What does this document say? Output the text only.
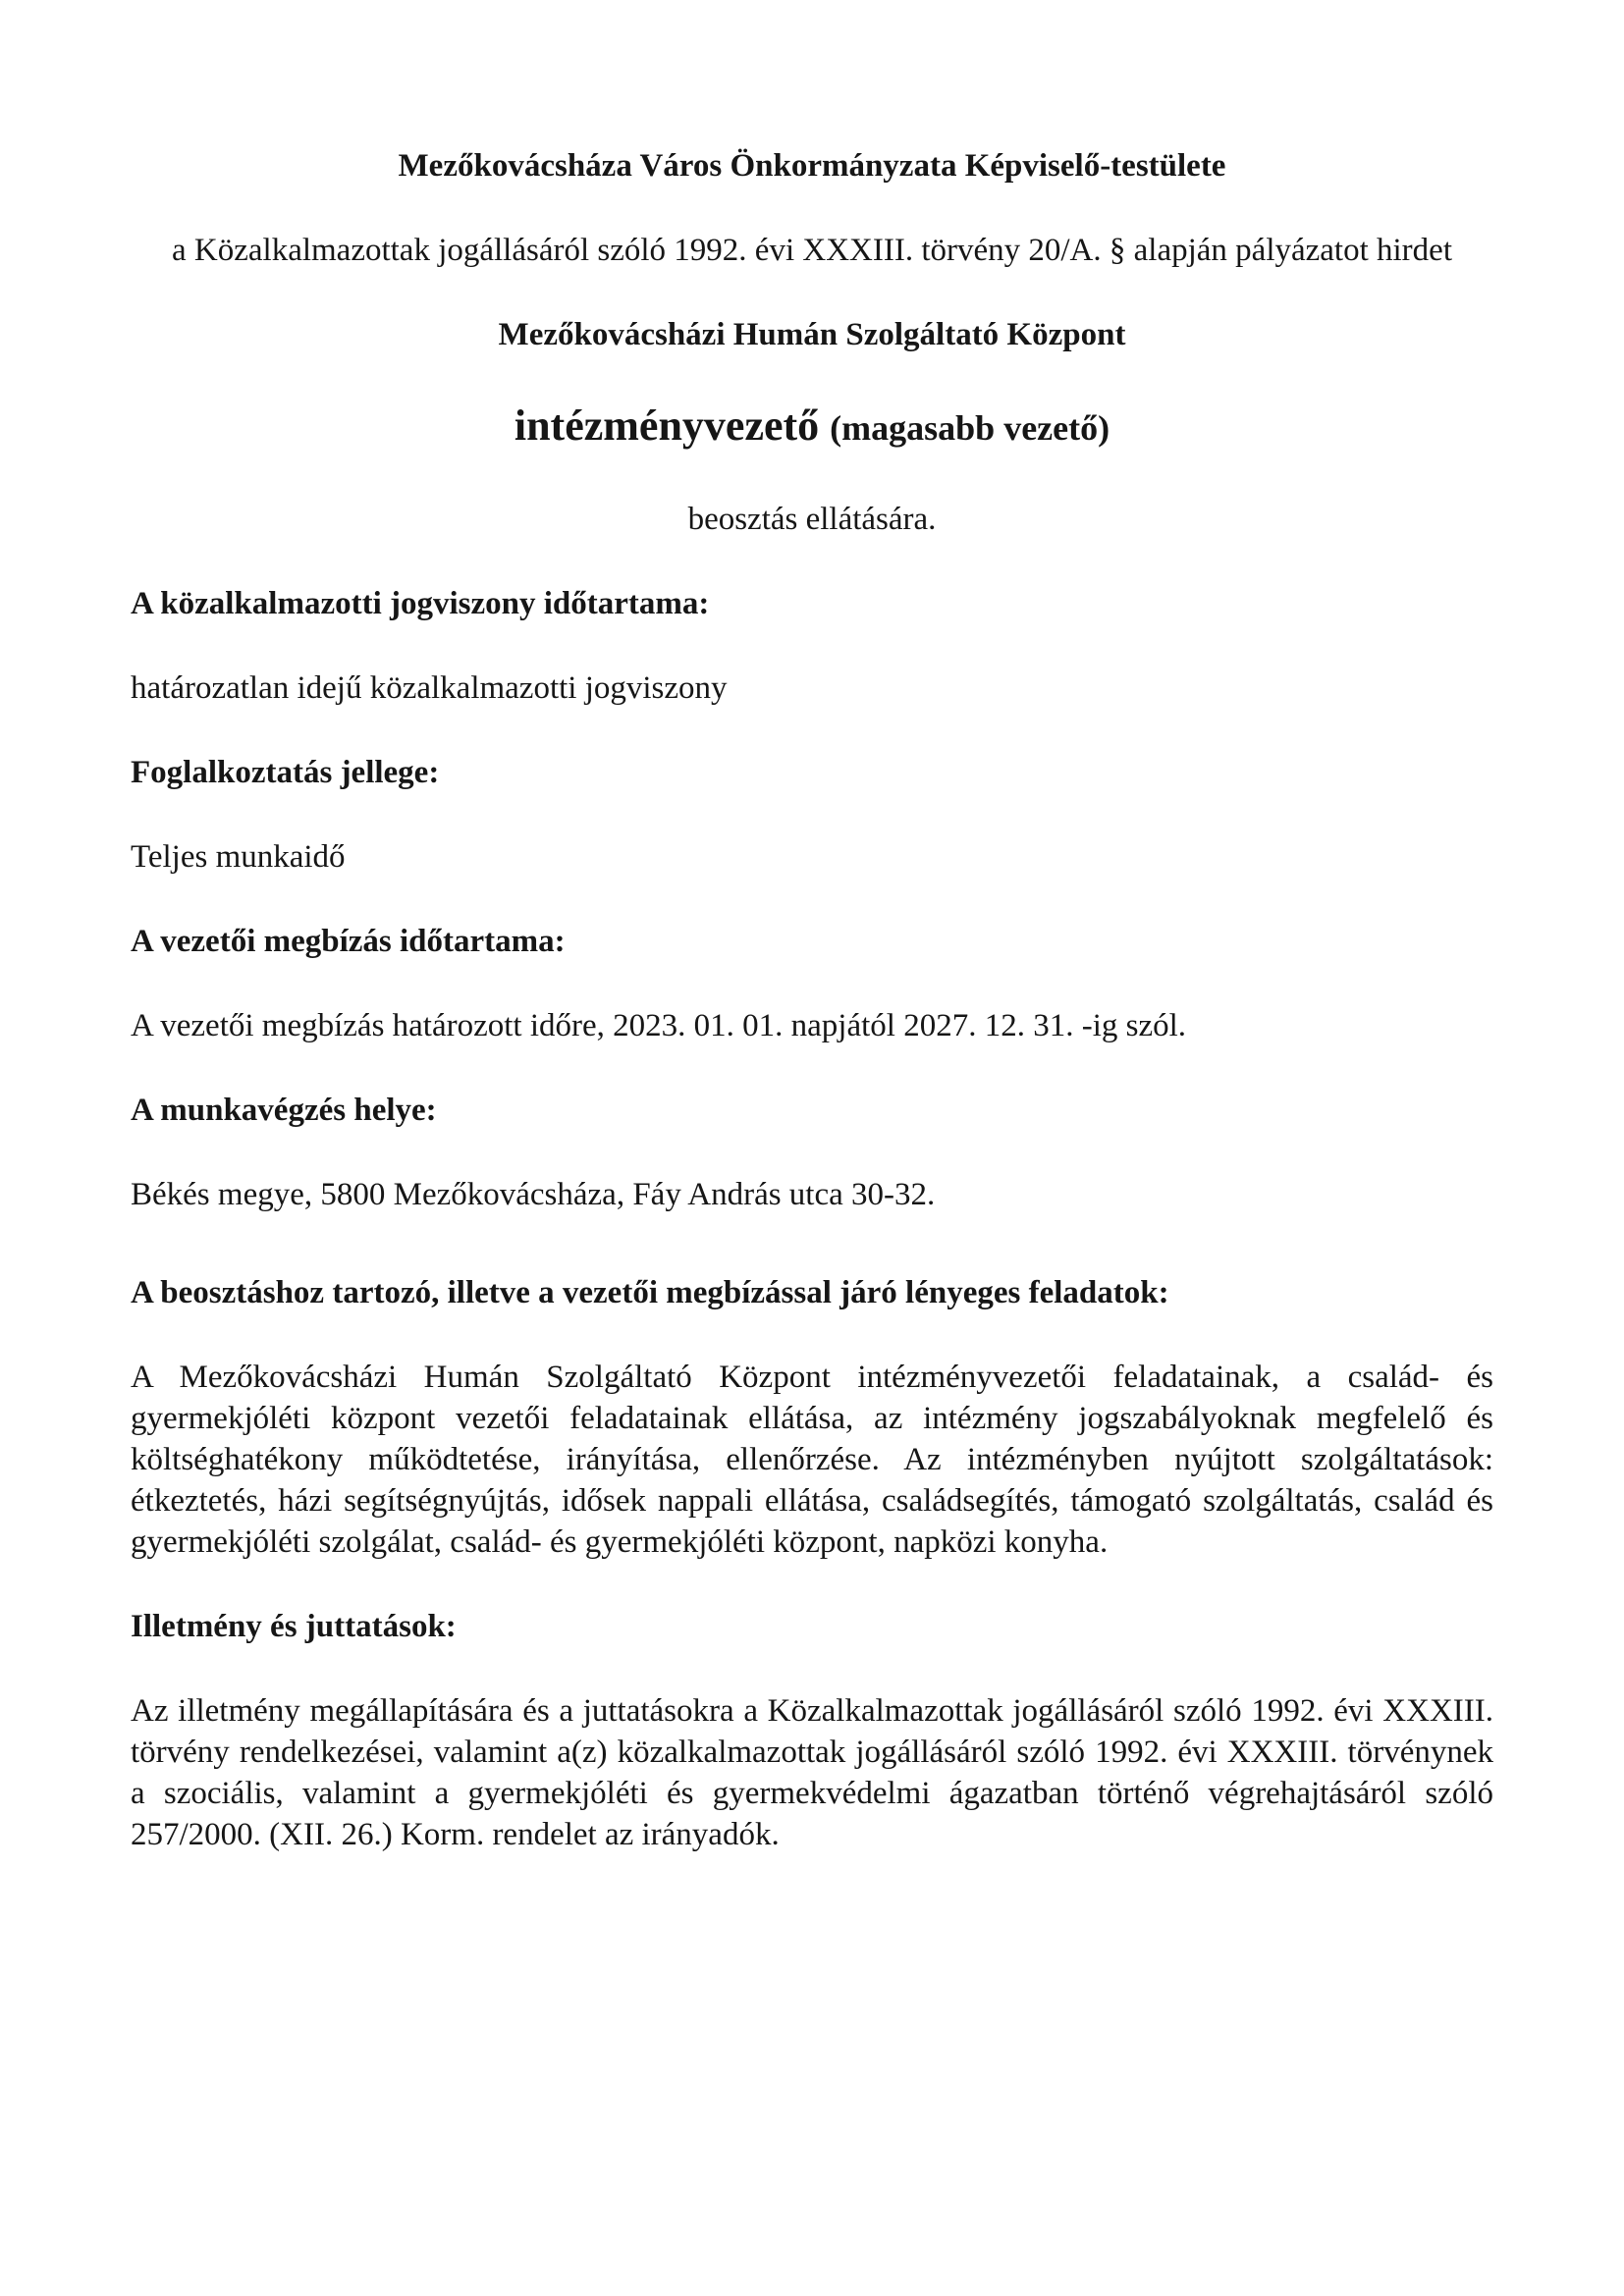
Mezőkovácsháza Város Önkormányzata Képviselő-testülete

a Közalkalmazottak jogállásáról szóló 1992. évi XXXIII. törvény 20/A. § alapján pályázatot hirdet

Mezőkovácsházi Humán Szolgáltató Központ

intézményvezető (magasabb vezető)

beosztás ellátására.

A közalkalmazotti jogviszony időtartama:

határozatlan idejű közalkalmazotti jogviszony

Foglalkoztatás jellege:

Teljes munkaidő

A vezetői megbízás időtartama:

A vezetői megbízás határozott időre, 2023. 01. 01. napjától 2027. 12. 31. -ig szól.

A munkavégzés helye:

Békés megye, 5800 Mezőkovácsháza, Fáy András utca 30-32.

A beosztáshoz tartozó, illetve a vezetői megbízással járó lényeges feladatok:

A Mezőkovácsházi Humán Szolgáltató Központ intézményvezetői feladatainak, a család- és gyermekjóléti központ vezetői feladatainak ellátása, az intézmény jogszabályoknak megfelelő és költséghatékony működtetése, irányítása, ellenőrzése. Az intézményben nyújtott szolgáltatások: étkeztetés, házi segítségnyújtás, idősek nappali ellátása, családsegítés, támogató szolgáltatás, család és gyermekjóléti szolgálat, család- és gyermekjóléti központ, napközi konyha.

Illetmény és juttatások:

Az illetmény megállapítására és a juttatásokra a Közalkalmazottak jogállásáról szóló 1992. évi XXXIII. törvény rendelkezései, valamint a(z) közalkalmazottak jogállásáról szóló 1992. évi XXXIII. törvénynek a szociális, valamint a gyermekjóléti és gyermekvédelmi ágazatban történő végrehajtásáról szóló 257/2000. (XII. 26.) Korm. rendelet az irányadók.
